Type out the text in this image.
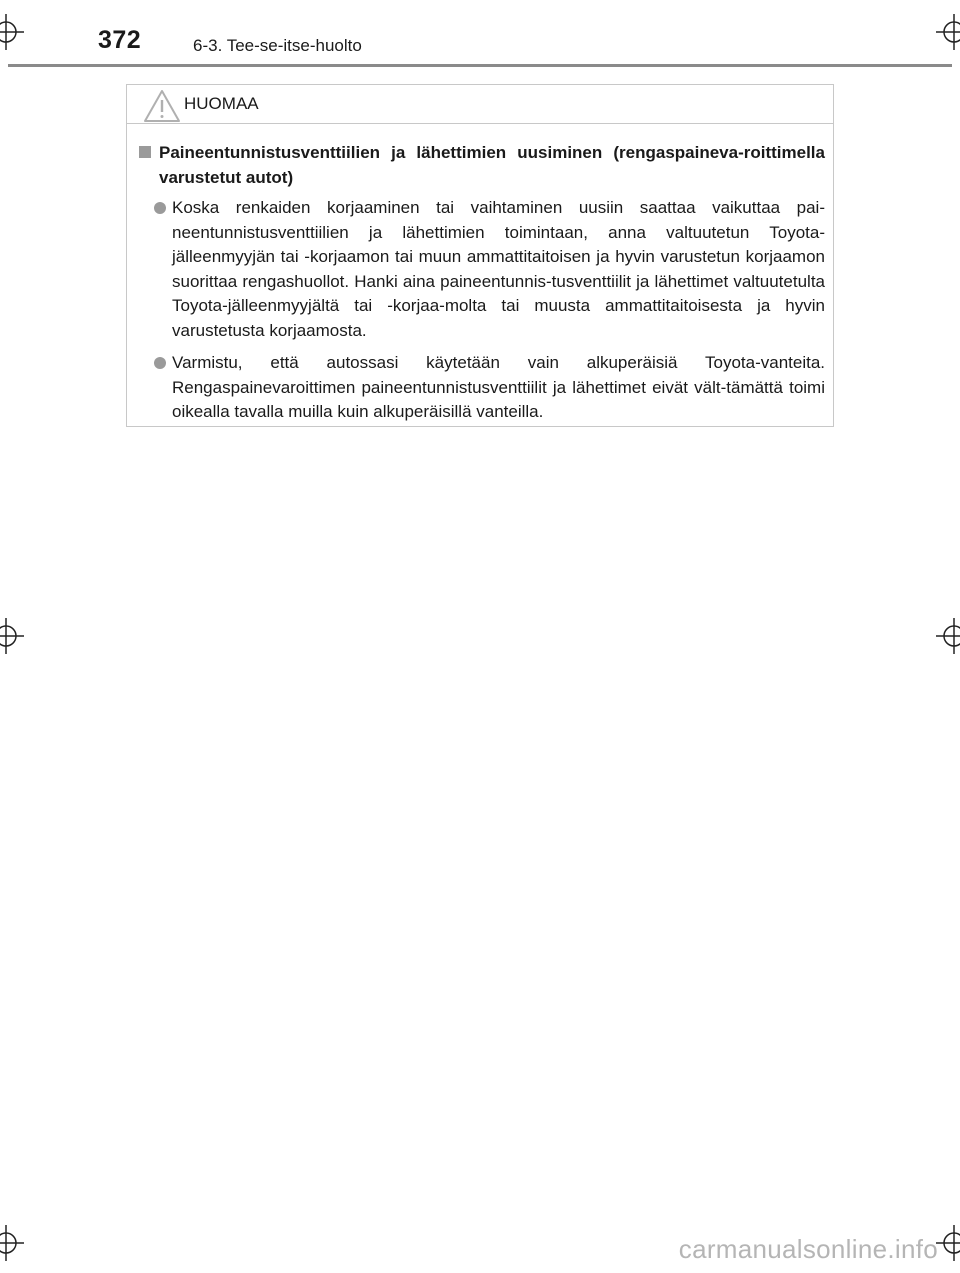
372	6-3. Tee-se-itse-huolto
HUOMAA
Paineentunnistusventtiilien ja lähettimien uusiminen (rengaspaineva-roittimella varustetut autot)
Koska renkaiden korjaaminen tai vaihtaminen uusiin saattaa vaikuttaa pai-neentunnistusventtiilien ja lähettimien toimintaan, anna valtuutetun Toyota-jälleenmyyjän tai -korjaamon tai muun ammattitaitoisen ja hyvin varustetun korjaamon suorittaa rengashuollot. Hanki aina paineentunnis-tusventtiilit ja lähettimet valtuutetulta Toyota-jälleenmyyjältä tai -korjaa-molta tai muusta ammattitaitoisesta ja hyvin varustetusta korjaamosta.
Varmistu, että autossasi käytetään vain alkuperäisiä Toyota-vanteita. Rengaspainevaroittimen paineentunnistusventtiilit ja lähettimet eivät vält-tämättä toimi oikealla tavalla muilla kuin alkuperäisillä vanteilla.
carmanualsonline.info
